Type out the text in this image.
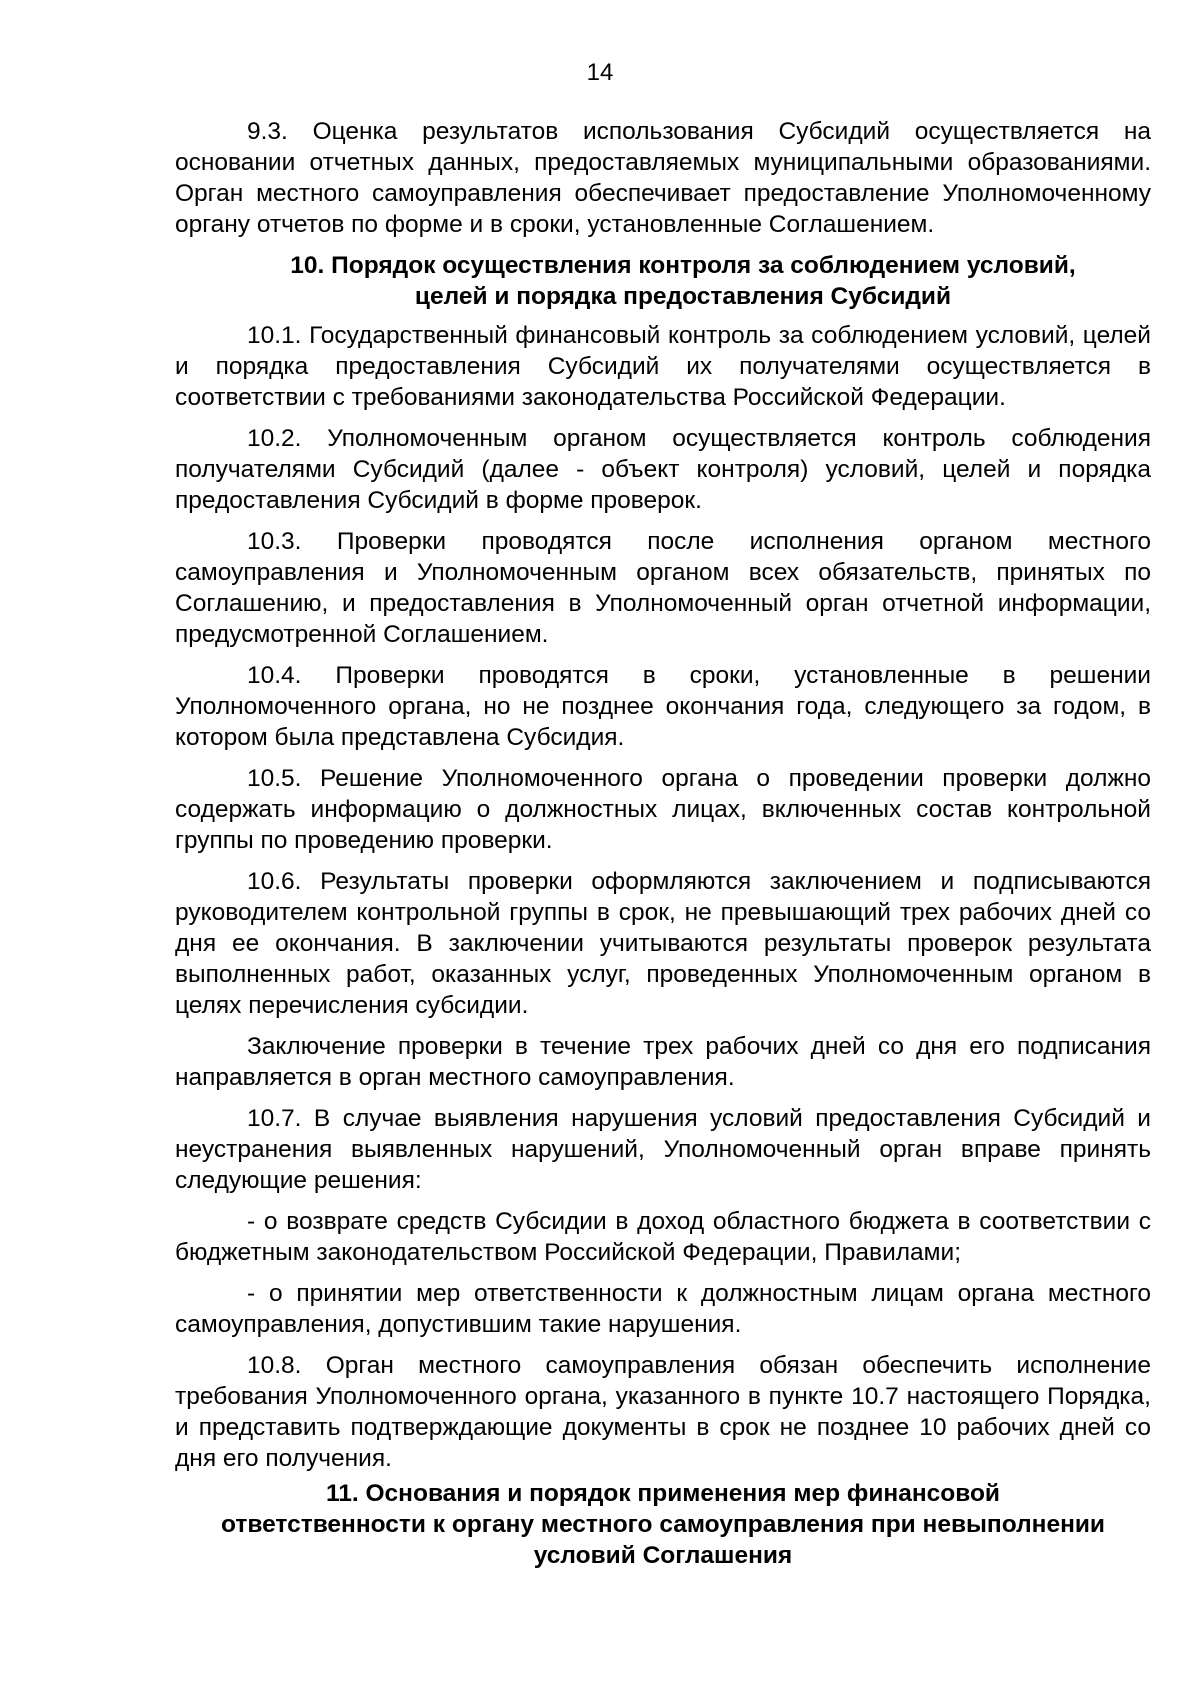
14

9.3. Оценка результатов использования Субсидий осуществляется на основании отчетных данных, предоставляемых муниципальными образованиями. Орган местного самоуправления обеспечивает предоставление Уполномоченному органу отчетов по форме и в сроки, установленные Соглашением.

10. Порядок осуществления контроля за соблюдением условий,
целей и порядка предоставления Субсидий

10.1. Государственный финансовый контроль за соблюдением условий, целей и порядка предоставления Субсидий их получателями осуществляется в соответствии с требованиями законодательства Российской Федерации.

10.2. Уполномоченным органом осуществляется контроль соблюдения получателями Субсидий (далее - объект контроля) условий, целей и порядка предоставления Субсидий в форме проверок.

10.3. Проверки проводятся после исполнения органом местного самоуправления и Уполномоченным органом всех обязательств, принятых по Соглашению, и предоставления в Уполномоченный орган отчетной информации, предусмотренной Соглашением.

10.4. Проверки проводятся в сроки, установленные в решении Уполномоченного органа, но не позднее окончания года, следующего за годом, в котором была представлена Субсидия.

10.5. Решение Уполномоченного органа о проведении проверки должно содержать информацию о должностных лицах, включенных состав контрольной группы по проведению проверки.

10.6. Результаты проверки оформляются заключением и подписываются руководителем контрольной группы в срок, не превышающий трех рабочих дней со дня ее окончания. В заключении учитываются результаты проверок результата выполненных работ, оказанных услуг, проведенных Уполномоченным органом в целях перечисления субсидии.

Заключение проверки в течение трех рабочих дней со дня его подписания направляется в орган местного самоуправления.

10.7. В случае выявления нарушения условий предоставления Субсидий и неустранения выявленных нарушений, Уполномоченный орган вправе принять следующие решения:

- о возврате средств Субсидии в доход областного бюджета в соответствии с бюджетным законодательством Российской Федерации, Правилами;

- о принятии мер ответственности к должностным лицам органа местного самоуправления, допустившим такие нарушения.

10.8. Орган местного самоуправления обязан обеспечить исполнение требования Уполномоченного органа, указанного в пункте 10.7 настоящего Порядка, и представить подтверждающие документы в срок не позднее 10 рабочих дней со дня его получения.

11. Основания и порядок применения мер финансовой
ответственности к органу местного самоуправления при невыполнении
условий Соглашения
